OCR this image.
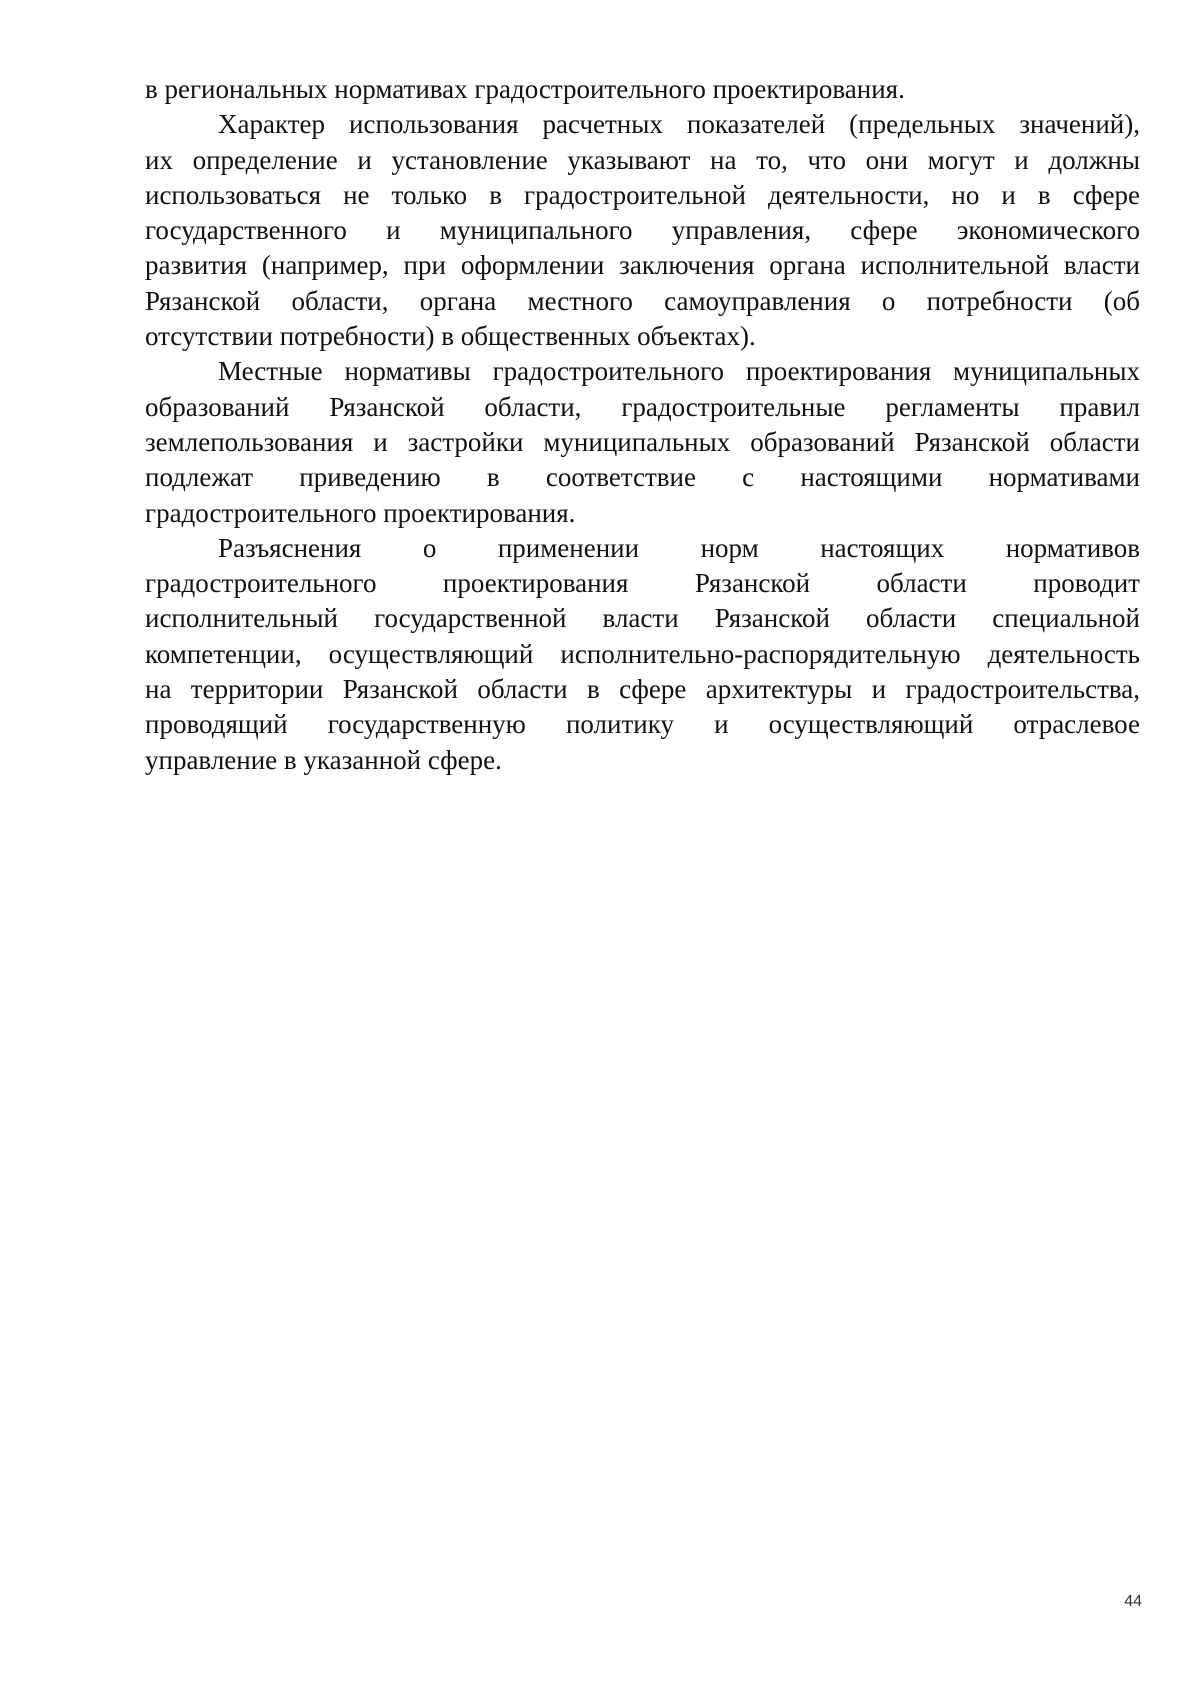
в региональных нормативах градостроительного проектирования.
Характер использования расчетных показателей (предельных значений),
их определение и установление указывают на то, что они могут и должны
использоваться не только в градостроительной деятельности, но и в сфере
государственного и муниципального управления, сфере экономического
развития (например, при оформлении заключения органа исполнительной власти
Рязанской области, органа местного самоуправления о потребности (об
отсутствии потребности) в общественных объектах).
Местные нормативы градостроительного проектирования муниципальных
образований Рязанской области, градостроительные регламенты правил
землепользования и застройки муниципальных образований Рязанской области
подлежат приведению в соответствие с настоящими нормативами
градостроительного проектирования.
Разъяснения о применении норм настоящих нормативов
градостроительного проектирования Рязанской области проводит
исполнительный государственной власти Рязанской области специальной
компетенции, осуществляющий исполнительно-распорядительную деятельность
на территории Рязанской области в сфере архитектуры и градостроительства,
проводящий государственную политику и осуществляющий отраслевое
управление в указанной сфере.
44
